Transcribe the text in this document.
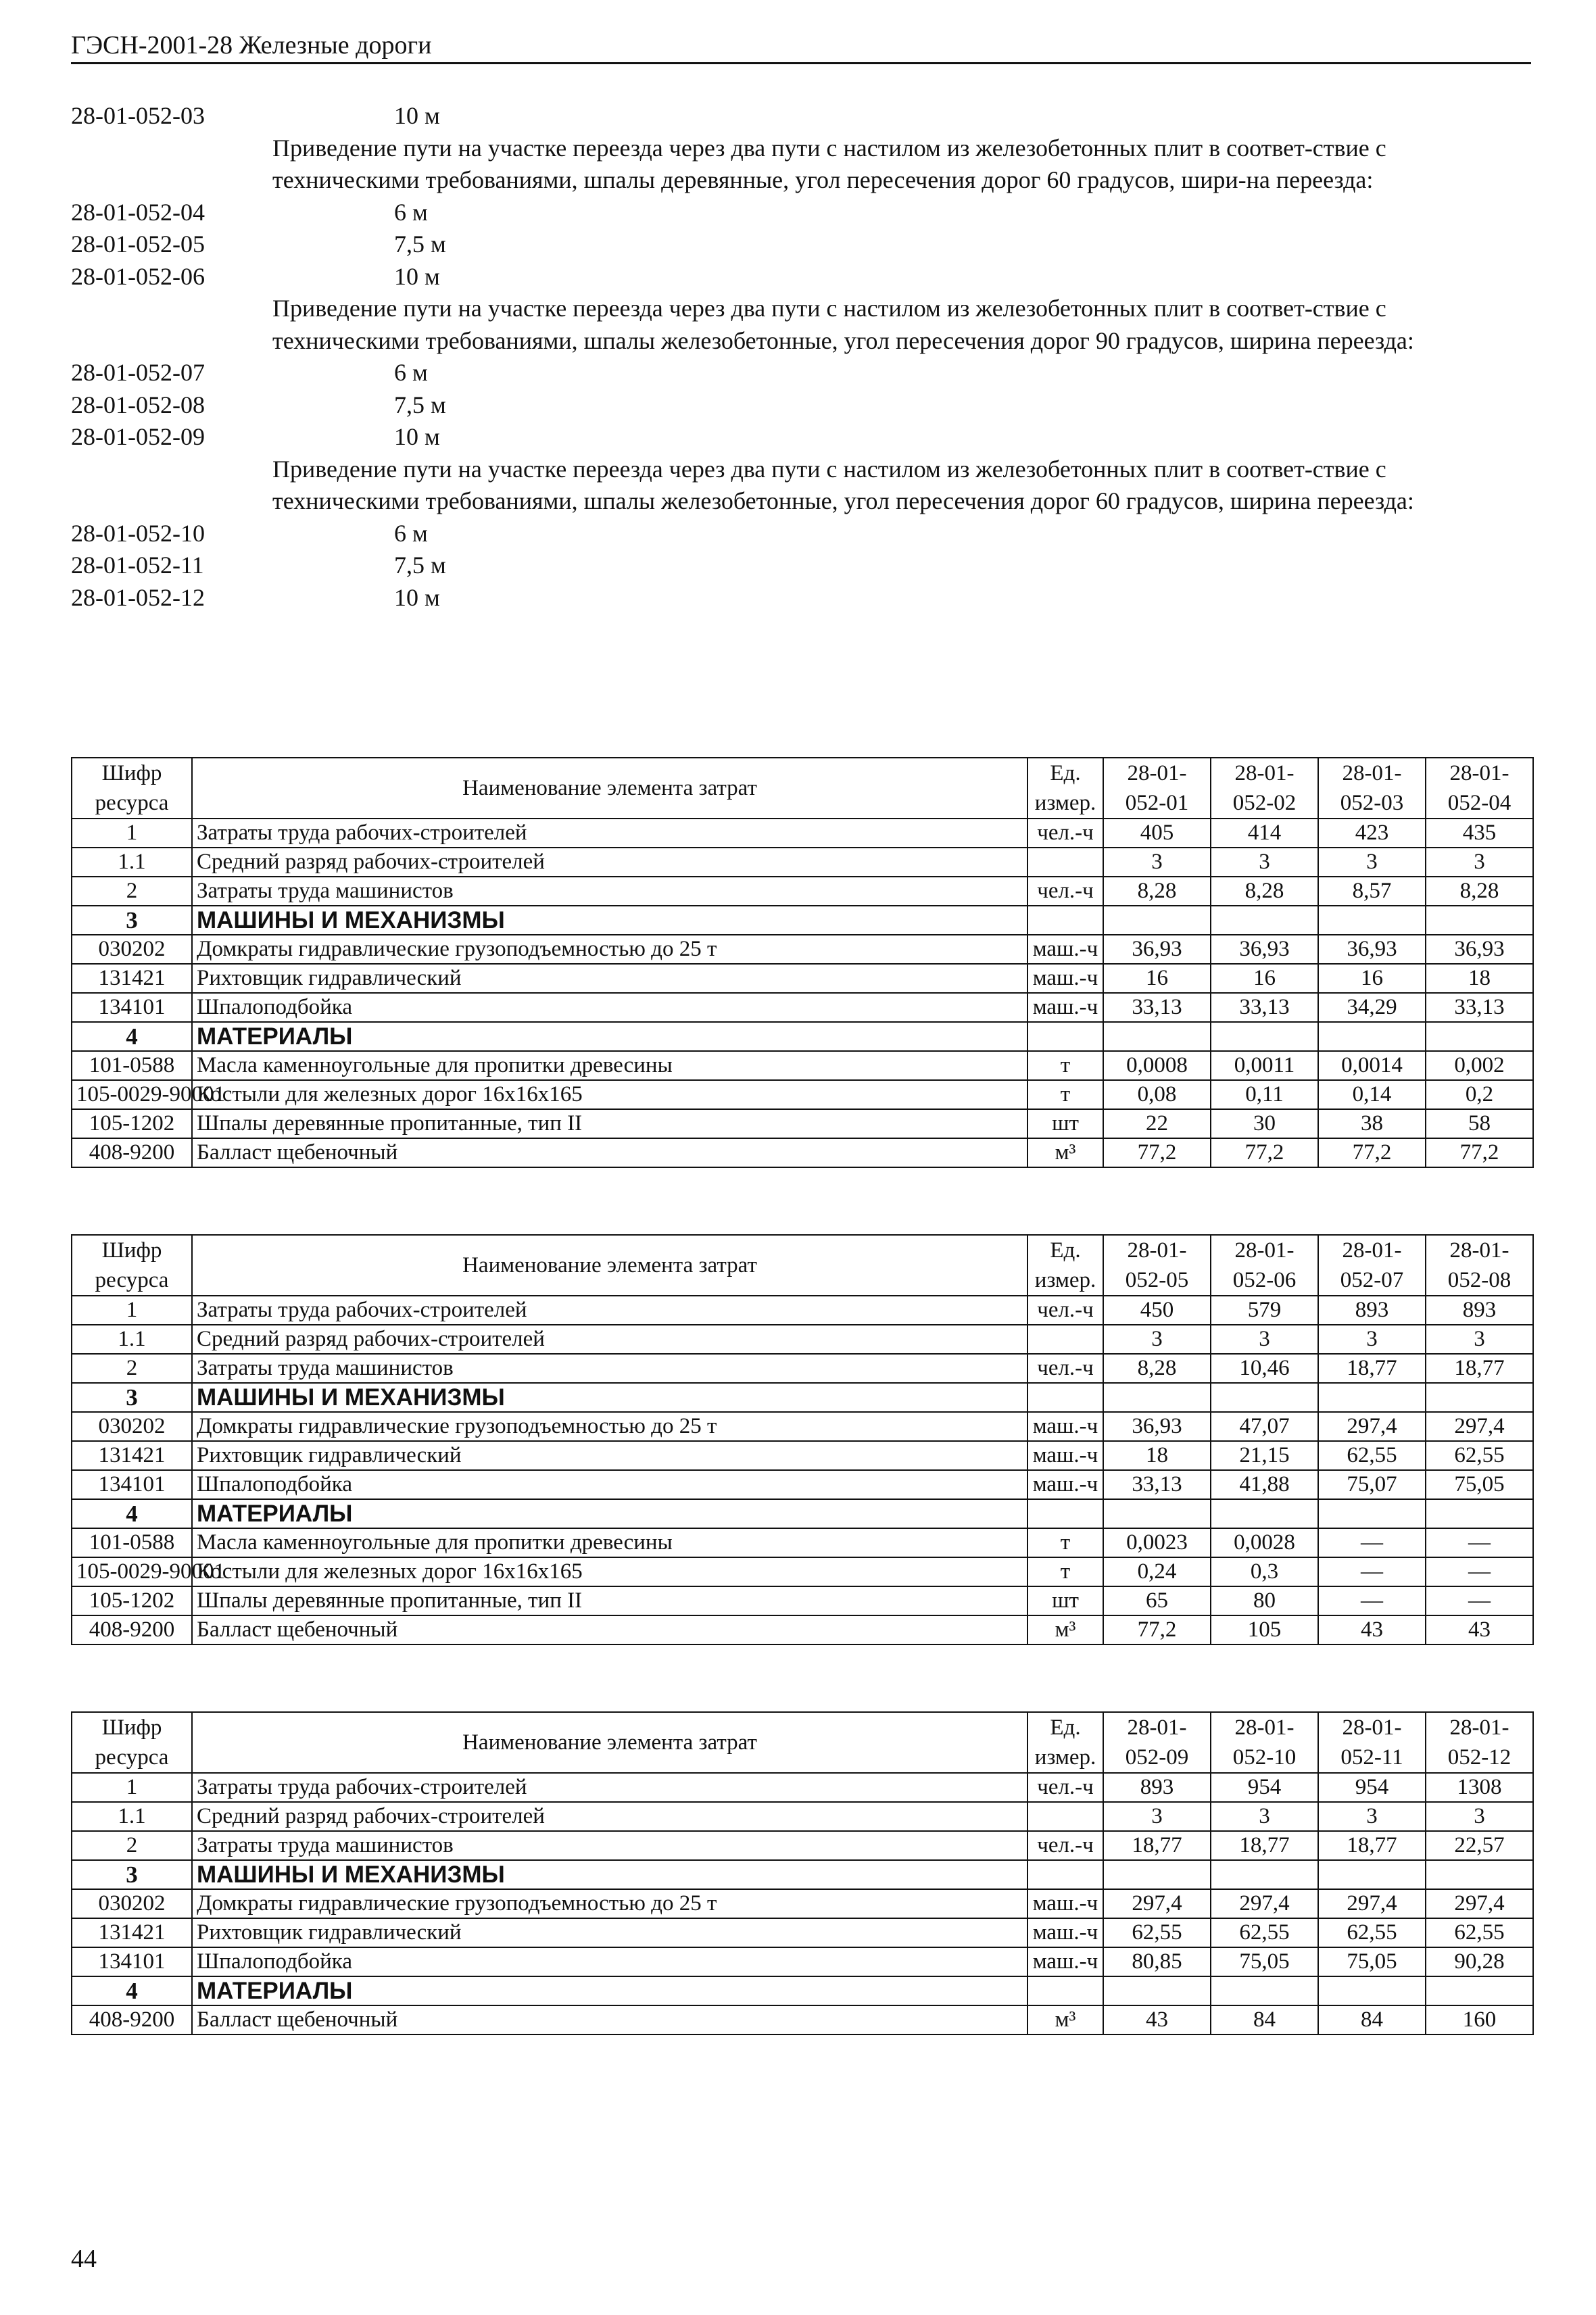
ГЭСН-2001-28 Железные дороги
28-01-052-03	10 м
Приведение пути на участке переезда через два пути с настилом из железобетонных плит в соответ-ствие с техническими требованиями, шпалы деревянные, угол пересечения дорог 60 градусов, шири-на переезда:
28-01-052-04	6 м
28-01-052-05	7,5 м
28-01-052-06	10 м
Приведение пути на участке переезда через два пути с настилом из железобетонных плит в соответ-ствие с техническими требованиями, шпалы железобетонные, угол пересечения дорог 90 градусов, ширина переезда:
28-01-052-07	6 м
28-01-052-08	7,5 м
28-01-052-09	10 м
Приведение пути на участке переезда через два пути с настилом из железобетонных плит в соответ-ствие с техническими требованиями, шпалы железобетонные, угол пересечения дорог 60 градусов, ширина переезда:
28-01-052-10	6 м
28-01-052-11	7,5 м
28-01-052-12	10 м
Шифр ресурса	Наименование элемента затрат	Ед. измер.	28-01-052-01	28-01-052-02	28-01-052-03	28-01-052-04
1	Затраты труда рабочих-строителей	чел.-ч	405	414	423	435
1.1	Средний разряд рабочих-строителей		3	3	3	3
2	Затраты труда машинистов	чел.-ч	8,28	8,28	8,57	8,28
3	МАШИНЫ И МЕХАНИЗМЫ					
030202	Домкраты гидравлические грузоподъемностью до 25 т	маш.-ч	36,93	36,93	36,93	36,93
131421	Рихтовщик гидравлический	маш.-ч	16	16	16	18
134101	Шпалоподбойка	маш.-ч	33,13	33,13	34,29	33,13
4	МАТЕРИАЛЫ					
101-0588	Масла каменноугольные для пропитки древесины	т	0,0008	0,0011	0,0014	0,002
105-0029-90001	Костыли для железных дорог 16x16x165	т	0,08	0,11	0,14	0,2
105-1202	Шпалы деревянные пропитанные, тип II	шт	22	30	38	58
408-9200	Балласт щебеночный	м³	77,2	77,2	77,2	77,2
Шифр ресурса	Наименование элемента затрат	Ед. измер.	28-01-052-05	28-01-052-06	28-01-052-07	28-01-052-08
1	Затраты труда рабочих-строителей	чел.-ч	450	579	893	893
1.1	Средний разряд рабочих-строителей		3	3	3	3
2	Затраты труда машинистов	чел.-ч	8,28	10,46	18,77	18,77
3	МАШИНЫ И МЕХАНИЗМЫ					
030202	Домкраты гидравлические грузоподъемностью до 25 т	маш.-ч	36,93	47,07	297,4	297,4
131421	Рихтовщик гидравлический	маш.-ч	18	21,15	62,55	62,55
134101	Шпалоподбойка	маш.-ч	33,13	41,88	75,07	75,05
4	МАТЕРИАЛЫ					
101-0588	Масла каменноугольные для пропитки древесины	т	0,0023	0,0028	—	—
105-0029-90001	Костыли для железных дорог 16x16x165	т	0,24	0,3	—	—
105-1202	Шпалы деревянные пропитанные, тип II	шт	65	80	—	—
408-9200	Балласт щебеночный	м³	77,2	105	43	43
Шифр ресурса	Наименование элемента затрат	Ед. измер.	28-01-052-09	28-01-052-10	28-01-052-11	28-01-052-12
1	Затраты труда рабочих-строителей	чел.-ч	893	954	954	1308
1.1	Средний разряд рабочих-строителей		3	3	3	3
2	Затраты труда машинистов	чел.-ч	18,77	18,77	18,77	22,57
3	МАШИНЫ И МЕХАНИЗМЫ					
030202	Домкраты гидравлические грузоподъемностью до 25 т	маш.-ч	297,4	297,4	297,4	297,4
131421	Рихтовщик гидравлический	маш.-ч	62,55	62,55	62,55	62,55
134101	Шпалоподбойка	маш.-ч	80,85	75,05	75,05	90,28
4	МАТЕРИАЛЫ					
408-9200	Балласт щебеночный	м³	43	84	84	160
44
